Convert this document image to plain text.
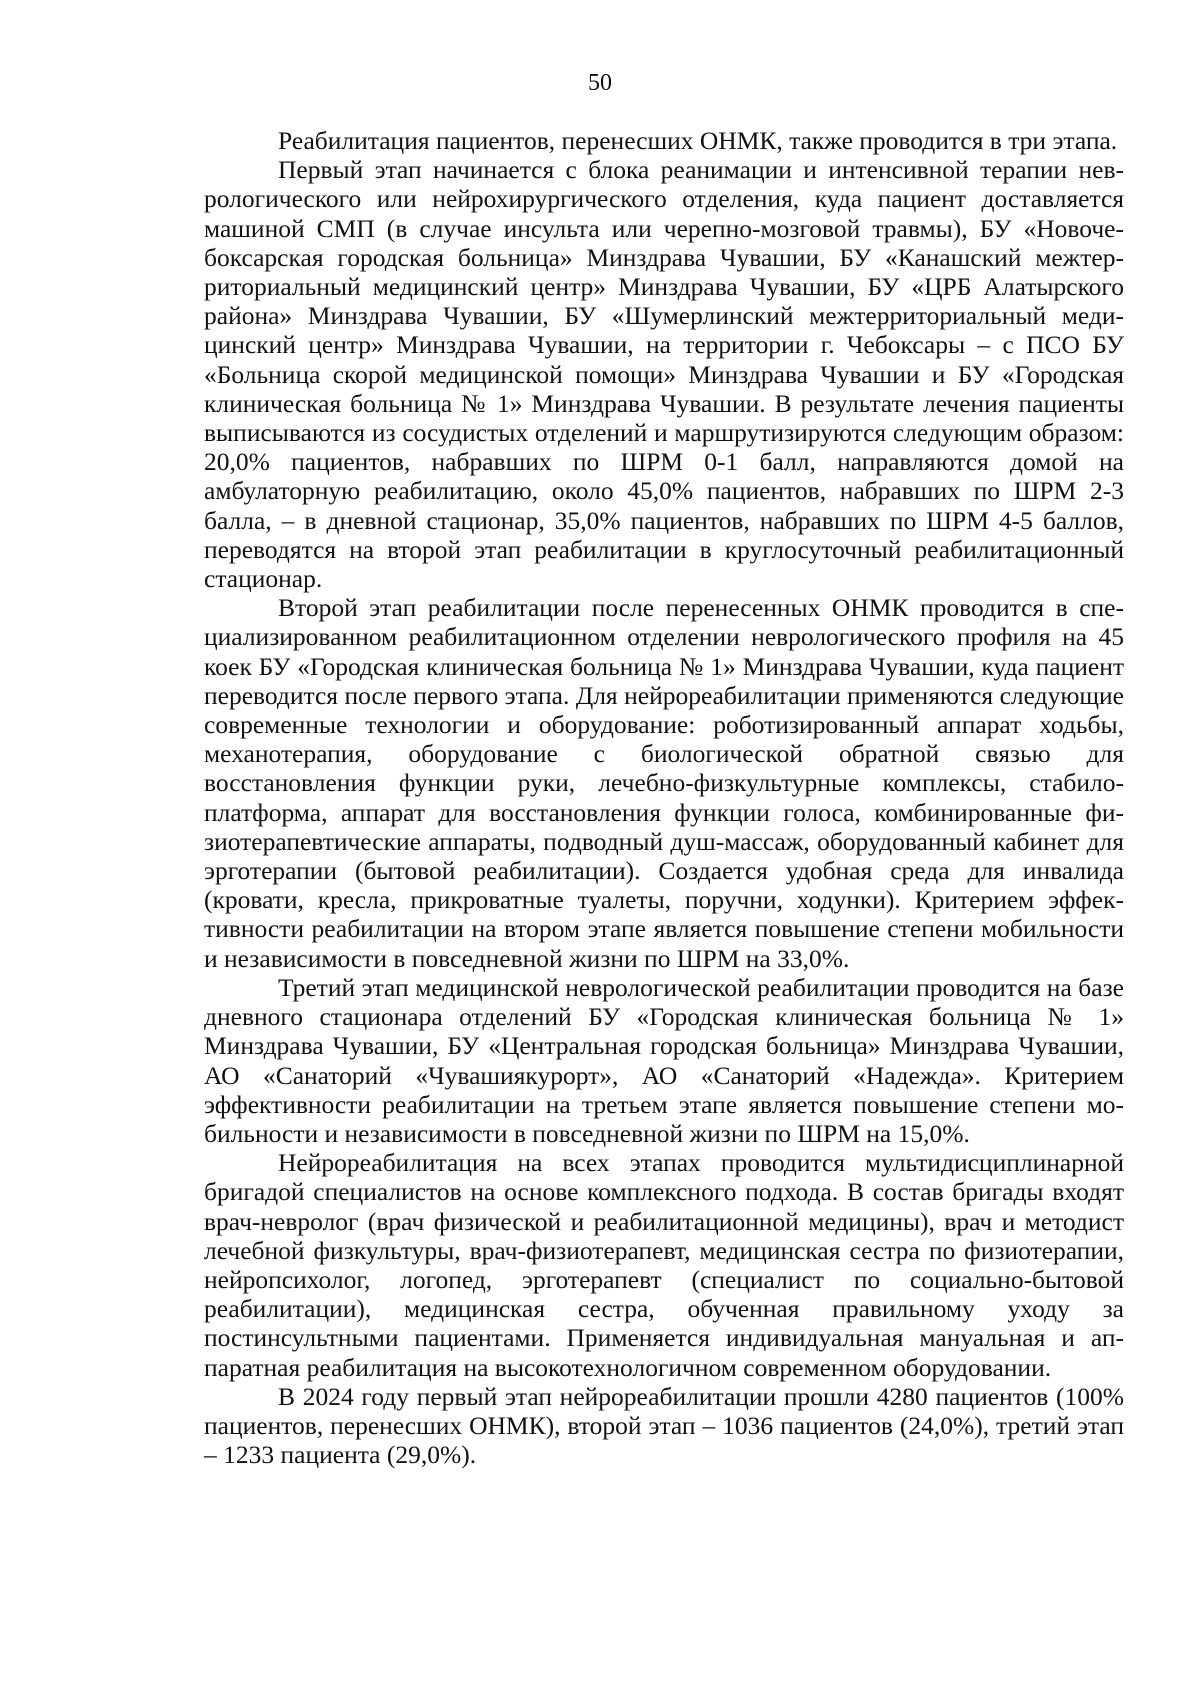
50

Реабилитация пациентов, перенесших ОНМК, также проводится в три этапа.

Первый этап начинается с блока реанимации и интенсивной терапии неврологического или нейрохирургического отделения, куда пациент доставляется машиной СМП (в случае инсульта или черепно-мозговой травмы), БУ «Новочебоксарская городская больница» Минздрава Чувашии, БУ «Канашский межтерриториальный медицинский центр» Минздрава Чувашии, БУ «ЦРБ Алатырского района» Минздрава Чувашии, БУ «Шумерлинский межтерриториальный медицинский центр» Минздрава Чувашии, на территории г. Чебоксары – с ПСО БУ «Больница скорой медицинской помощи» Минздрава Чувашии и БУ «Городская клиническая больница № 1» Минздрава Чувашии. В результате лечения пациенты выписываются из сосудистых отделений и маршрутизируются следующим образом: 20,0% пациентов, набравших по ШРМ 0-1 балл, направляются домой на амбулаторную реабилитацию, около 45,0% пациентов, набравших по ШРМ 2-3 балла, – в дневной стационар, 35,0% пациентов, набравших по ШРМ 4-5 баллов, переводятся на второй этап реабилитации в круглосуточный реабилитационный стационар.

Второй этап реабилитации после перенесенных ОНМК проводится в специализированном реабилитационном отделении неврологического профиля на 45 коек БУ «Городская клиническая больница № 1» Минздрава Чувашии, куда пациент переводится после первого этапа. Для нейрореабилитации применяются следующие современные технологии и оборудование: роботизированный аппарат ходьбы, механотерапия, оборудование с биологической обратной связью для восстановления функции руки, лечебно-физкультурные комплексы, стабилоплатформа, аппарат для восстановления функции голоса, комбинированные физиотерапевтические аппараты, подводный душ-массаж, оборудованный кабинет для эрготерапии (бытовой реабилитации). Создается удобная среда для инвалида (кровати, кресла, прикроватные туалеты, поручни, ходунки). Критерием эффективности реабилитации на втором этапе является повышение степени мобильности и независимости в повседневной жизни по ШРМ на 33,0%.

Третий этап медицинской неврологической реабилитации проводится на базе дневного стационара отделений БУ «Городская клиническая больница № 1» Минздрава Чувашии, БУ «Центральная городская больница» Минздрава Чувашии, АО «Санаторий «Чувашиякурорт», АО «Санаторий «Надежда». Критерием эффективности реабилитации на третьем этапе является повышение степени мобильности и независимости в повседневной жизни по ШРМ на 15,0%.

Нейрореабилитация на всех этапах проводится мультидисциплинарной бригадой специалистов на основе комплексного подхода. В состав бригады входят врач-невролог (врач физической и реабилитационной медицины), врач и методист лечебной физкультуры, врач-физиотерапевт, медицинская сестра по физиотерапии, нейропсихолог, логопед, эрготерапевт (специалист по социально-бытовой реабилитации), медицинская сестра, обученная правильному уходу за постинсультными пациентами. Применяется индивидуальная мануальная и аппаратная реабилитация на высокотехнологичном современном оборудовании.

В 2024 году первый этап нейрореабилитации прошли 4280 пациентов (100% пациентов, перенесших ОНМК), второй этап – 1036 пациентов (24,0%), третий этап – 1233 пациента (29,0%).
